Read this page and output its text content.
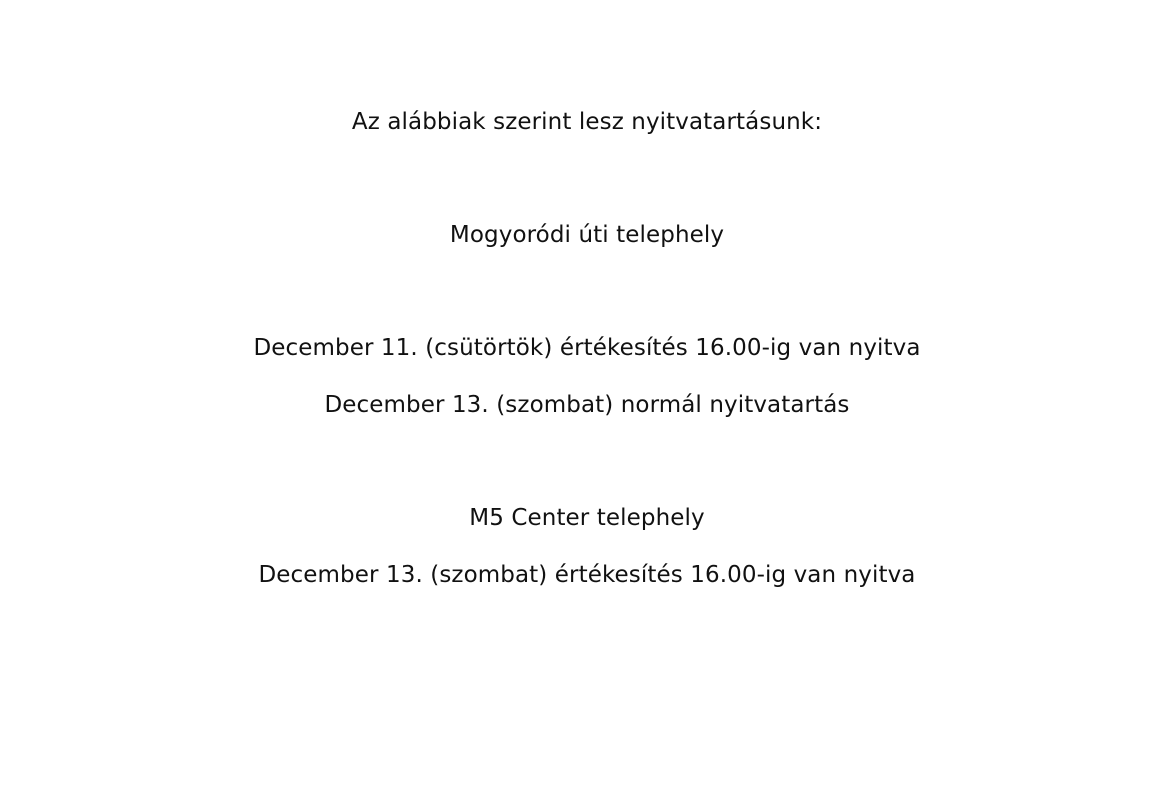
Az alábbiak szerint lesz nyitvatartásunk:
Mogyoródi úti telephely
December 11. (csütörtök) értékesítés 16.00-ig van nyitva
December 13. (szombat) normál nyitvatartás
M5 Center telephely
December 13. (szombat) értékesítés 16.00-ig van nyitva
